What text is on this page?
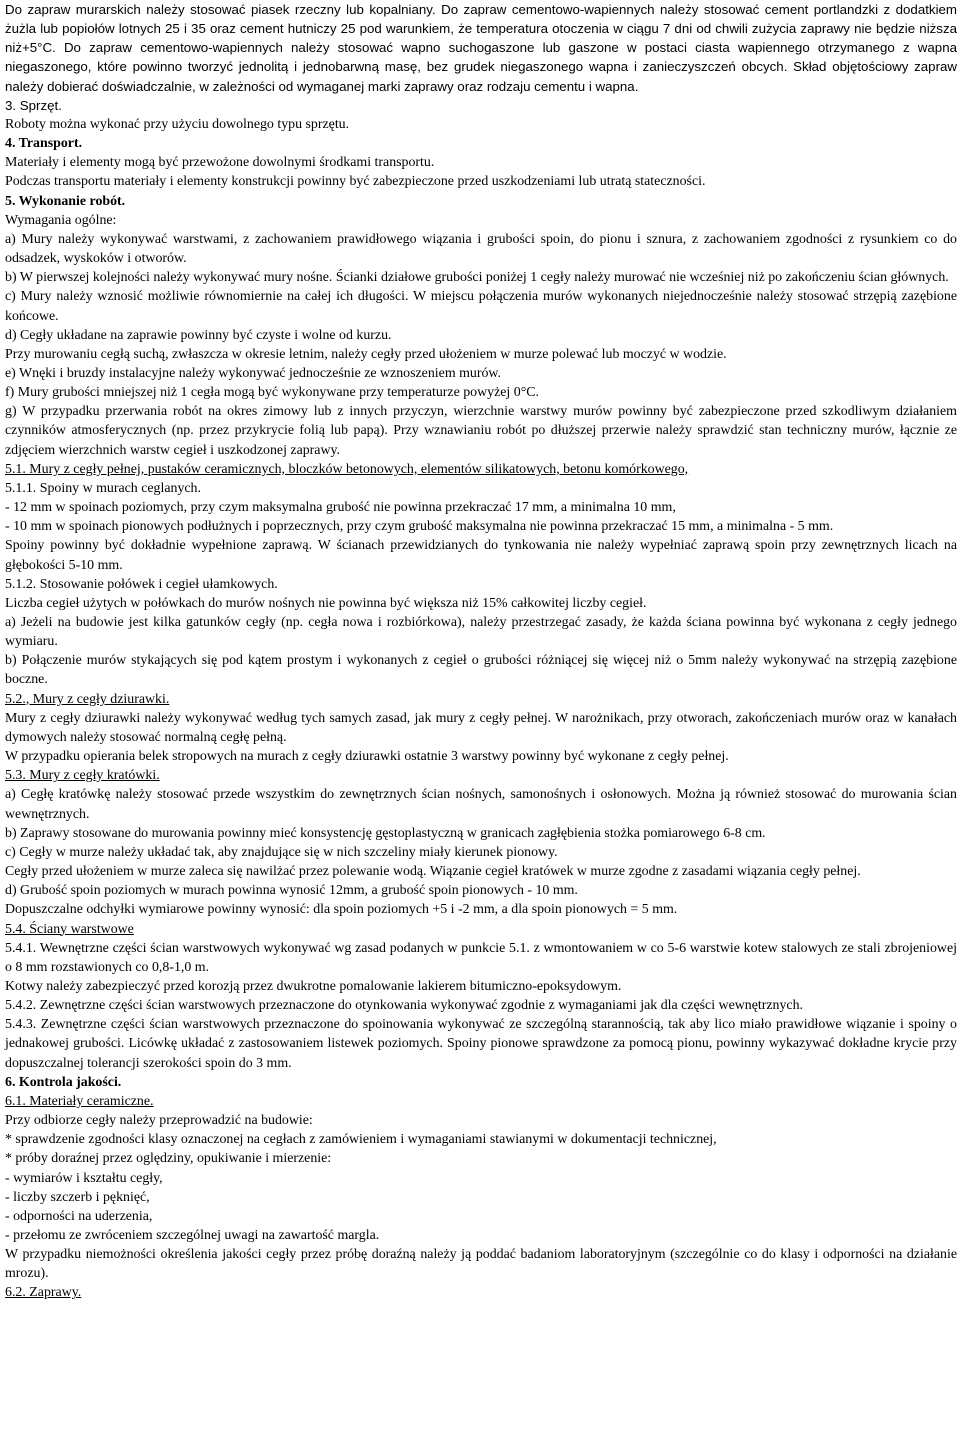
Do zapraw murarskich należy stosować piasek rzeczny lub kopalniany. Do zapraw cementowo-wapiennych należy stosować cement portlandzki z dodatkiem żużla lub popiołów lotnych 25 i 35 oraz cement hutniczy 25 pod warunkiem, że temperatura otoczenia w ciągu 7 dni od chwili zużycia zaprawy nie będzie niższa niż+5°C. Do zapraw cementowo-wapiennych należy stosować wapno suchogaszone lub gaszone w postaci ciasta wapiennego otrzymanego z wapna niegaszonego, które powinno tworzyć jednolitą i jednobarwną masę, bez grudek niegaszonego wapna i zanieczyszczeń obcych. Skład objętościowy zapraw należy dobierać doświadczalnie, w zależności od wymaganej marki zaprawy oraz rodzaju cementu i wapna.

3. Sprzęt.

Roboty można wykonać przy użyciu dowolnego typu sprzętu.

4. Transport.

Materiały i elementy mogą być przewożone dowolnymi środkami transportu.

Podczas transportu materiały i elementy konstrukcji powinny być zabezpieczone przed uszkodzeniami lub utratą stateczności.

5. Wykonanie robót.

Wymagania ogólne:

a) Mury należy wykonywać warstwami, z zachowaniem prawidłowego wiązania i grubości spoin, do pionu i sznura, z zachowaniem zgodności z rysunkiem co do odsadzek, wyskoków i otworów.

b) W pierwszej kolejności należy wykonywać mury nośne. Ścianki działowe grubości poniżej 1 cegły należy murować nie wcześniej niż po zakończeniu ścian głównych.

c) Mury należy wznosić możliwie równomiernie na całej ich długości. W miejscu połączenia murów wykonanych niejednocześnie należy stosować strzępią zazębione końcowe.

d) Cegły układane na zaprawie powinny być czyste i wolne od kurzu.

Przy murowaniu cegłą suchą, zwłaszcza w okresie letnim, należy cegły przed ułożeniem w murze polewać lub moczyć w wodzie.

e) Wnęki i bruzdy instalacyjne należy wykonywać jednocześnie ze wznoszeniem murów.

f) Mury grubości mniejszej niż 1 cegła mogą być wykonywane przy temperaturze powyżej 0°C.

g) W przypadku przerwania robót na okres zimowy lub z innych przyczyn, wierzchnie warstwy murów powinny być zabezpieczone przed szkodliwym działaniem czynników atmosferycznych (np. przez przykrycie folią lub papą). Przy wznawianiu robót po dłuższej przerwie należy sprawdzić stan techniczny murów, łącznie ze zdjęciem wierzchnich warstw cegieł i uszkodzonej zaprawy.

5.1. Mury z cegły pełnej, pustaków ceramicznych, bloczków betonowych, elementów silikatowych, betonu komórkowego,

5.1.1. Spoiny w murach ceglanych.

- 12 mm w spoinach poziomych, przy czym maksymalna grubość nie powinna przekraczać 17 mm, a minimalna 10 mm,

- 10 mm w spoinach pionowych podłużnych i poprzecznych, przy czym grubość maksymalna nie powinna przekraczać 15 mm, a minimalna - 5 mm.

Spoiny powinny być dokładnie wypełnione zaprawą. W ścianach przewidzianych do tynkowania nie należy wypełniać zaprawą spoin przy zewnętrznych licach na głębokości 5-10 mm.

5.1.2. Stosowanie połówek i cegieł ułamkowych.

Liczba cegieł użytych w połówkach do murów nośnych nie powinna być większa niż 15% całkowitej liczby cegieł.

a) Jeżeli na budowie jest kilka gatunków cegły (np. cegła nowa i rozbiórkowa), należy przestrzegać zasady, że każda ściana powinna być wykonana z cegły jednego wymiaru.

b) Połączenie murów stykających się pod kątem prostym i wykonanych z cegieł o grubości różniącej się więcej niż o 5mm należy wykonywać na strzępią zazębione boczne.

5.2., Mury z cegły dziurawki.

Mury z cegły dziurawki należy wykonywać według tych samych zasad, jak mury z cegły pełnej. W narożnikach, przy otworach, zakończeniach murów oraz w kanałach dymowych należy stosować normalną cegłę pełną.

W przypadku opierania belek stropowych na murach z cegły dziurawki ostatnie 3 warstwy powinny być wykonane z cegły pełnej.

5.3. Mury z cegły kratówki.

a) Cegłę kratówkę należy stosować przede wszystkim do zewnętrznych ścian nośnych, samonośnych i osłonowych. Można ją również stosować do murowania ścian wewnętrznych.

b) Zaprawy stosowane do murowania powinny mieć konsystencję gęstoplastyczną w granicach zagłębienia stożka pomiarowego 6-8 cm.

c) Cegły w murze należy układać tak, aby znajdujące się w nich szczeliny miały kierunek pionowy.

Cegły przed ułożeniem w murze zaleca się nawilżać przez polewanie wodą. Wiązanie cegieł kratówek w murze zgodne z zasadami wiązania cegły pełnej.

d) Grubość spoin poziomych w murach powinna wynosić 12mm, a grubość spoin pionowych - 10 mm.

Dopuszczalne odchyłki wymiarowe powinny wynosić: dla spoin poziomych +5 i -2 mm, a dla spoin pionowych = 5 mm.

5.4. Ściany warstwowe

5.4.1. Wewnętrzne części ścian warstwowych wykonywać wg zasad podanych w punkcie 5.1. z wmontowaniem w co 5-6 warstwie kotew stalowych ze stali zbrojeniowej o 8 mm rozstawionych co 0,8-1,0 m.

Kotwy należy zabezpieczyć przed korozją przez dwukrotne pomalowanie lakierem bitumiczno-epoksydowym.

5.4.2. Zewnętrzne części ścian warstwowych przeznaczone do otynkowania wykonywać zgodnie z wymaganiami jak dla części wewnętrznych.

5.4.3. Zewnętrzne części ścian warstwowych przeznaczone do spoinowania wykonywać ze szczególną starannością, tak aby lico miało prawidłowe wiązanie i spoiny o jednakowej grubości. Licówkę układać z zastosowaniem listewek poziomych. Spoiny pionowe sprawdzone za pomocą pionu, powinny wykazywać dokładne krycie przy dopuszczalnej tolerancji szerokości spoin do 3 mm.

6. Kontrola jakości.

6.1. Materiały ceramiczne.

Przy odbiorze cegły należy przeprowadzić na budowie:

* sprawdzenie zgodności klasy oznaczonej na cegłach z zamówieniem i wymaganiami stawianymi w dokumentacji technicznej,

* próby doraźnej przez oględziny, opukiwanie i mierzenie:

- wymiarów i kształtu cegły,

- liczby szczerb i pęknięć,

- odporności na uderzenia,

- przełomu ze zwróceniem szczególnej uwagi na zawartość margla.

W przypadku niemożności określenia jakości cegły przez próbę doraźną należy ją poddać badaniom laboratoryjnym (szczególnie co do klasy i odporności na działanie mrozu).

6.2. Zaprawy.
